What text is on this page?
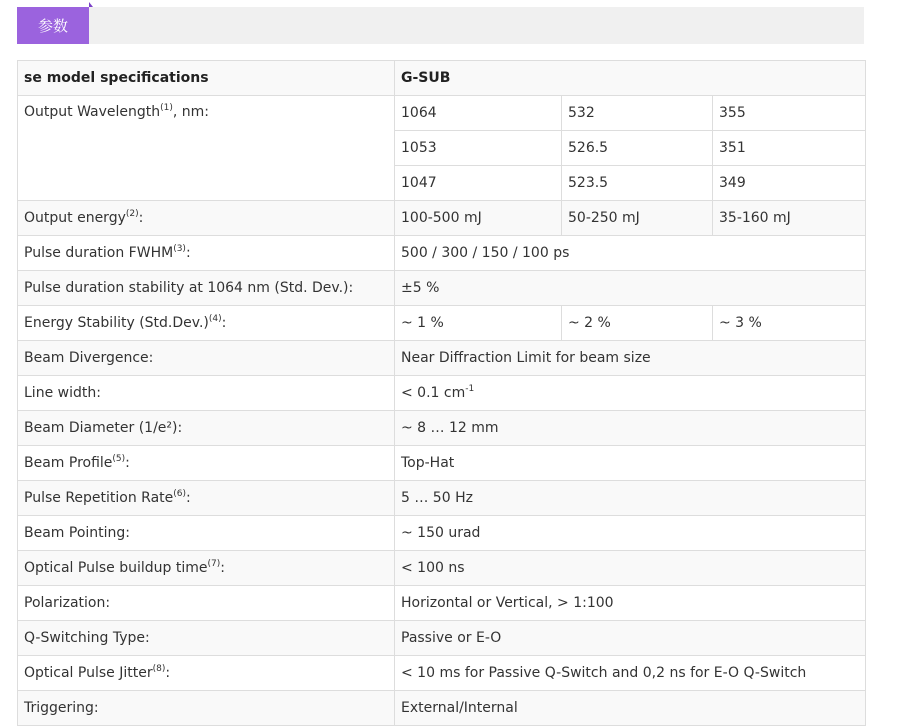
参数
se model specifications	G-SUB		
Output Wavelength$^{(1)}$, nm:	1064	532	355
	1053	526.5	351
	1047	523.5	349
Output energy$^{(2)}$:	100-500 mJ	50-250 mJ	35-160 mJ
Pulse duration FWHM$^{(3)}$:	500 / 300 / 150 / 100 ps		
Pulse duration stability at 1064 nm (Std. Dev.):	±5 %		
Energy Stability $(Std.Dev.)^{(4)}$:	~ 1 %	~ 2 %	~ 3 %
Beam Divergence:	Near Diffraction Limit for beam size		
Line width:	< 0.1 $cm^{-1}$
Beam Diameter (1/e²):	~ 8 … 12 mm		
Beam Profile$^{(5)}$:	Top-Hat		
Pulse Repetition Rate$^{(6)}$:	5 … 50 Hz		
Beam Pointing:	~ 150 urad		
Optical Pulse buildup time$^{(7)}$:	< 100 ns		
Polarization:	Horizontal or Vertical, > 1:100		
Q-Switching Type:	Passive or E-O		
Optical Pulse Jitter$^{(8)}$:	< 10 ms for Passive Q-Switch and 0,2 ns for E-O Q-Switch		
Triggering:	External/Internal		
